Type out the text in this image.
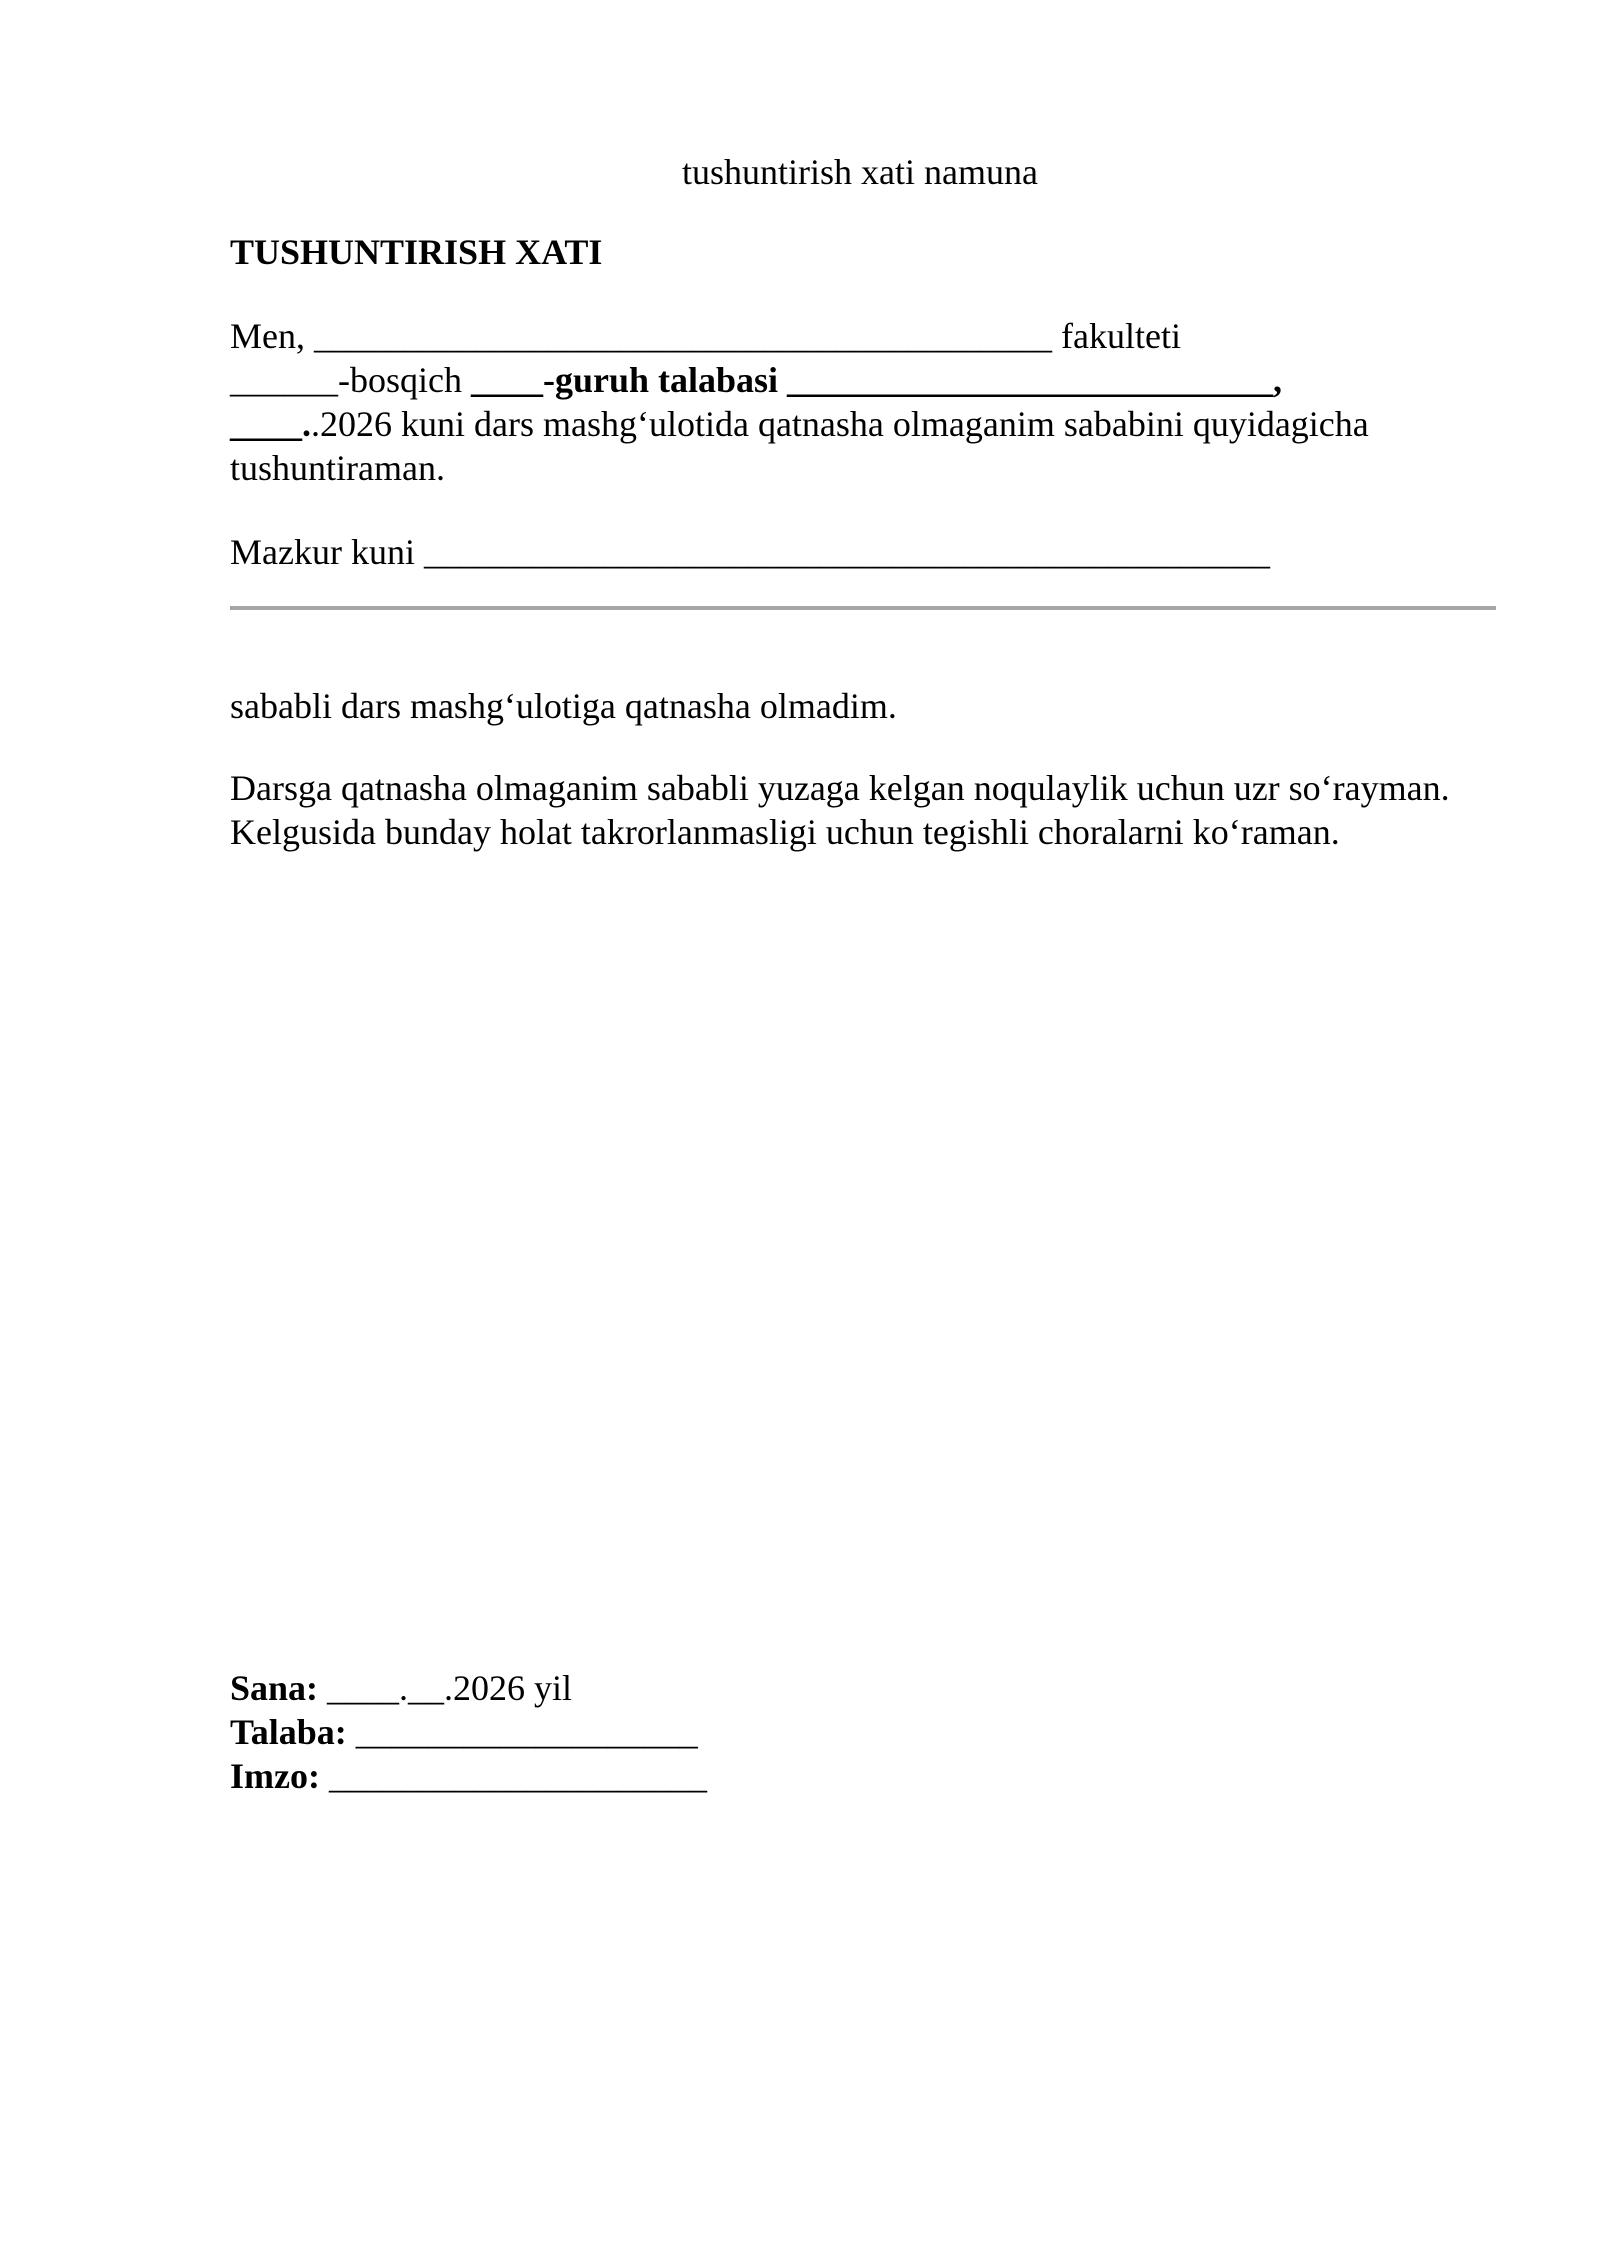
tushuntirish xati namuna
TUSHUNTIRISH XATI
Men, _________________________________________ fakulteti
______-bosqich ____-guruh talabasi ___________________________,
____..2026 kuni dars mashg‘ulotida qatnasha olmaganim sababini quyidagicha tushuntiraman.
Mazkur kuni _______________________________________________
sababli dars mashg‘ulotiga qatnasha olmadim.
Darsga qatnasha olmaganim sababli yuzaga kelgan noqulaylik uchun uzr so‘rayman. Kelgusida bunday holat takrorlanmasligi uchun tegishli choralarni ko‘raman.
Sana: ____.__.2026 yil
Talaba: ___________________
Imzo: _____________________
